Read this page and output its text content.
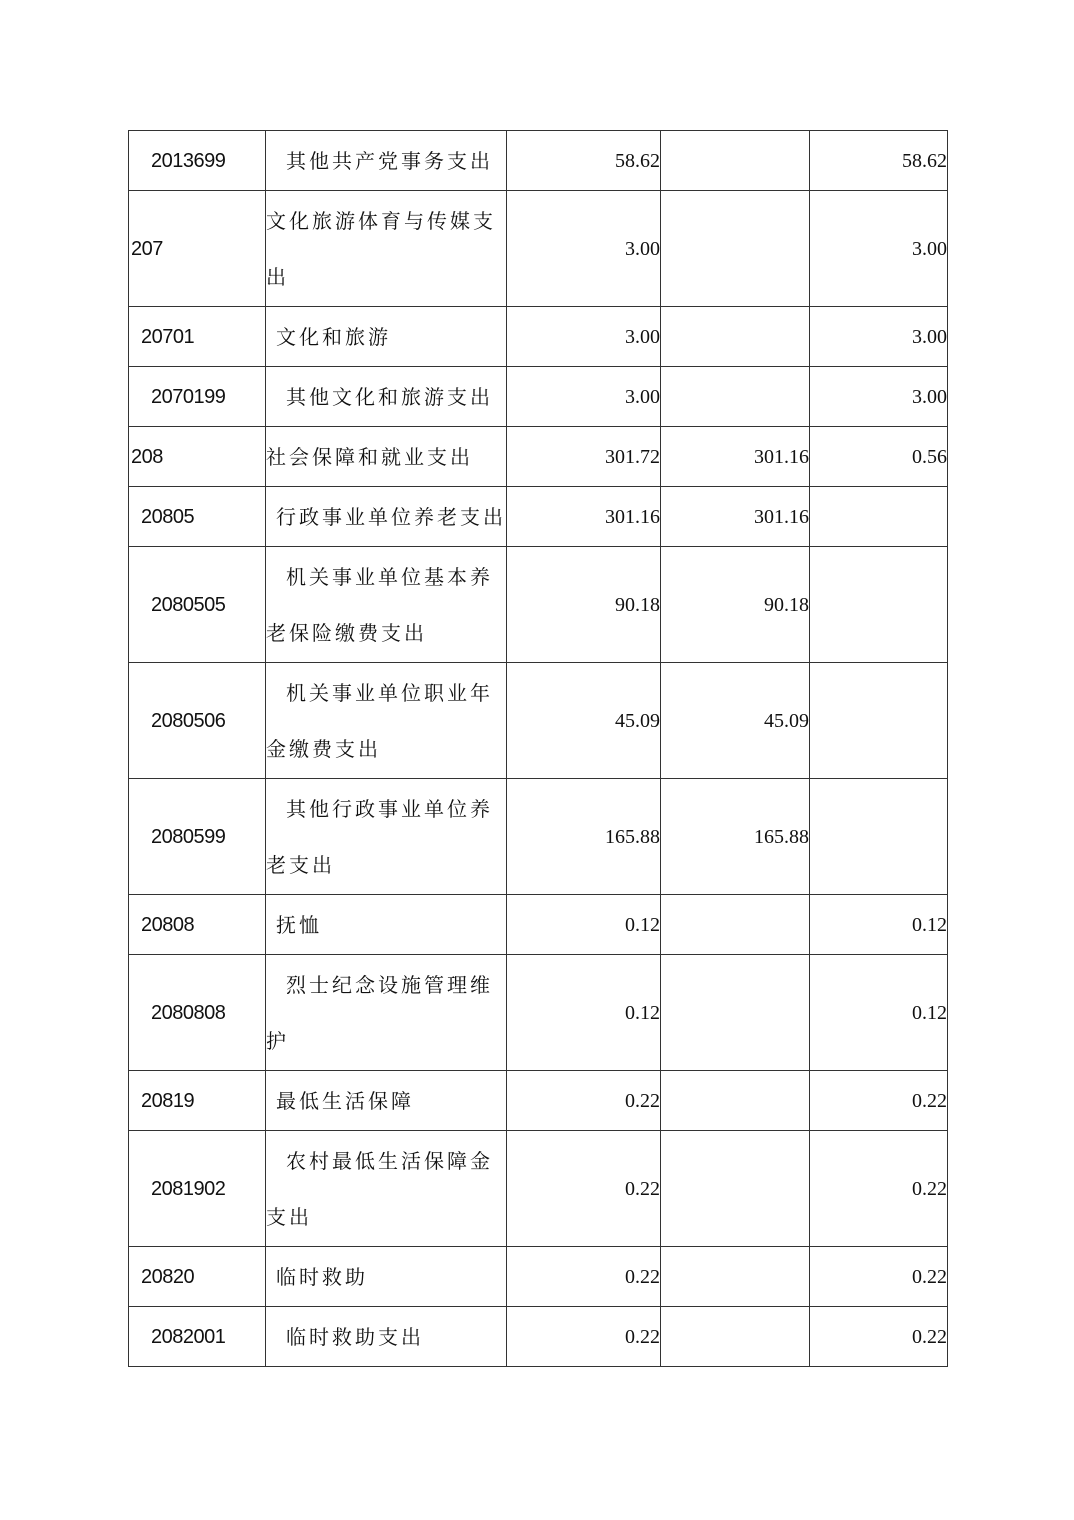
2013699	其他共产党事务支出	58.62		58.62
207	文化旅游体育与传媒支出	3.00		3.00
20701	文化和旅游	3.00		3.00
2070199	其他文化和旅游支出	3.00		3.00
208	社会保障和就业支出	301.72	301.16	0.56
20805	行政事业单位养老支出	301.16	301.16	
2080505	机关事业单位基本养老保险缴费支出	90.18	90.18	
2080506	机关事业单位职业年金缴费支出	45.09	45.09	
2080599	其他行政事业单位养老支出	165.88	165.88	
20808	抚恤	0.12		0.12
2080808	烈士纪念设施管理维护	0.12		0.12
20819	最低生活保障	0.22		0.22
2081902	农村最低生活保障金支出	0.22		0.22
20820	临时救助	0.22		0.22
2082001	临时救助支出	0.22		0.22
